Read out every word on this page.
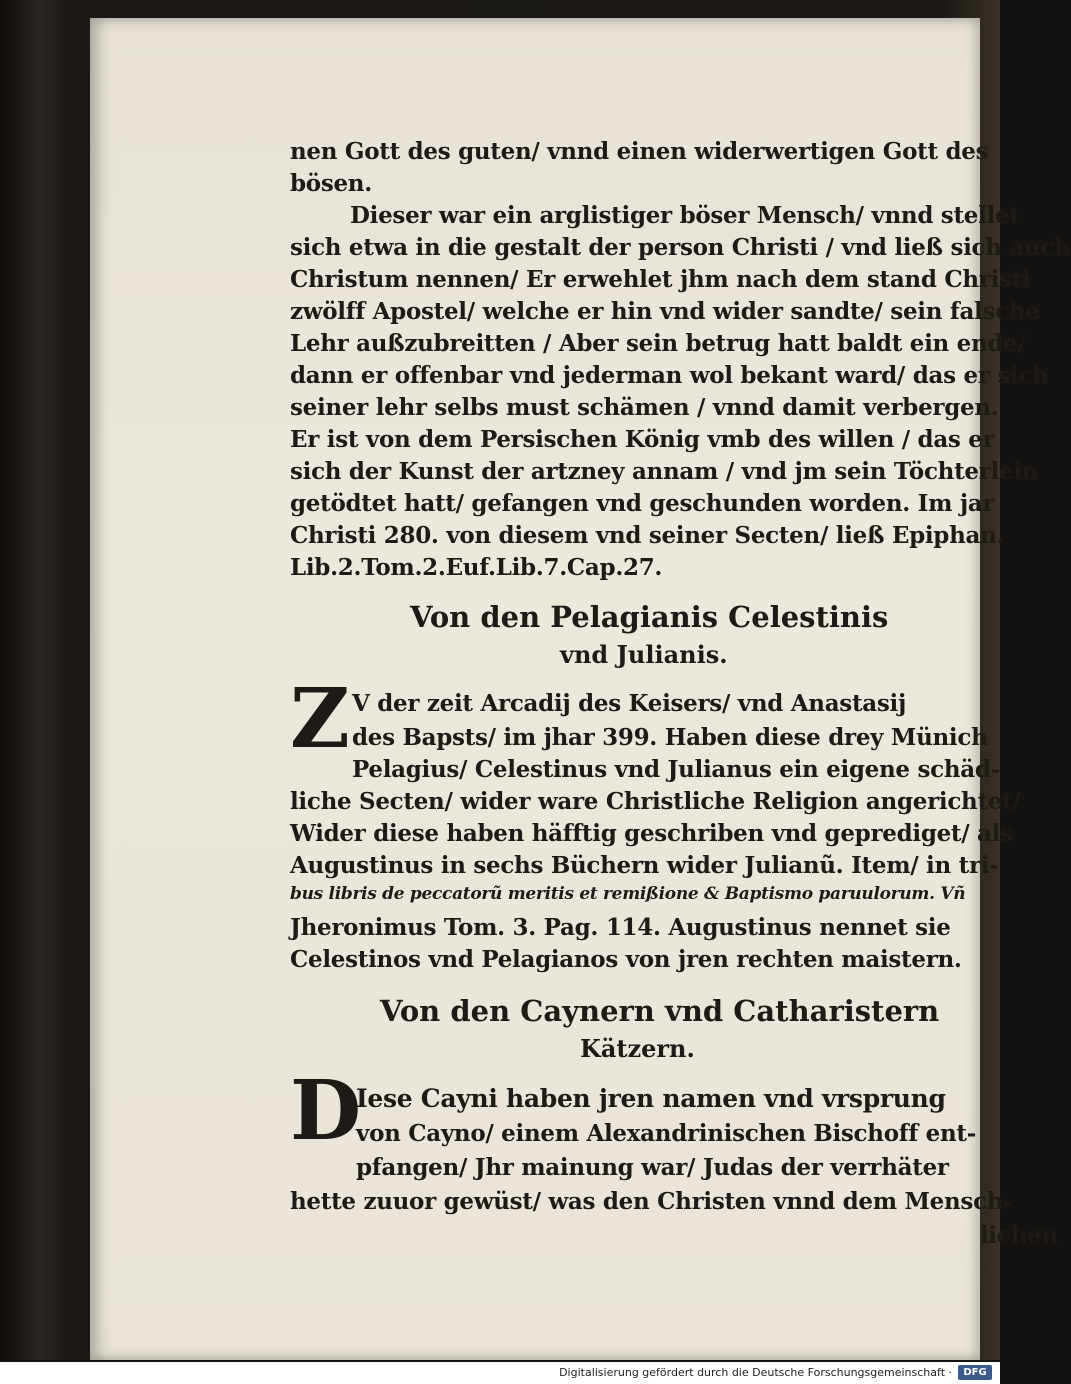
nen Gott des guten/ vnnd einen widerwertigen Gott des
bösen.
Dieser war ein arglistiger böser Mensch/ vnnd stellet
sich etwa in die gestalt der person Christi / vnd ließ sich auch
Christum nennen/ Er erwehlet jhm nach dem stand Christi
zwölff Apostel/ welche er hin vnd wider sandte/ sein falsche
Lehr außzubreitten / Aber sein betrug hatt baldt ein ende/
dann er offenbar vnd jederman wol bekant ward/ das er sich
seiner lehr selbs must schämen / vnnd damit verbergen.
Er ist von dem Persischen König vmb des willen / das er
sich der Kunst der artzney annam / vnd jm sein Töchterlein
getödtet hatt/ gefangen vnd geschunden worden. Im jar
Christi 280. von diesem vnd seiner Secten/ ließ Epiphan.
Lib.2.Tom.2.Euf.Lib.7.Cap.27.
Von den Pelagianis Celestinis
vnd Julianis.
Z V der zeit Arcadij des Keisers/ vnd Anastasij
des Bapsts/ im jhar 399. Haben diese drey Münich
Pelagius/ Celestinus vnd Julianus ein eigene schäd-
liche Secten/ wider ware Christliche Religion angerichtet/
Wider diese haben häfftig geschriben vnd geprediget/ als
Augustinus in sechs Büchern wider Julianũ. Item/ in tri-
bus libris de peccatorũ meritis et remißione & Baptismo paruulorum. Vñ
Jheronimus Tom. 3. Pag. 114. Augustinus nennet sie
Celestinos vnd Pelagianos von jren rechten maistern.
Von den Caynern vnd Catharistern
Kätzern.
D
Iese Cayni haben jren namen vnd vrsprung
von Cayno/ einem Alexandrinischen Bischoff ent-
pfangen/ Jhr mainung war/ Judas der verrhäter
hette zuuor gewüst/ was den Christen vnnd dem Mensch-
lichen
Digitalisierung gefördert durch die Deutsche Forschungsgemeinschaft ·	DFG
